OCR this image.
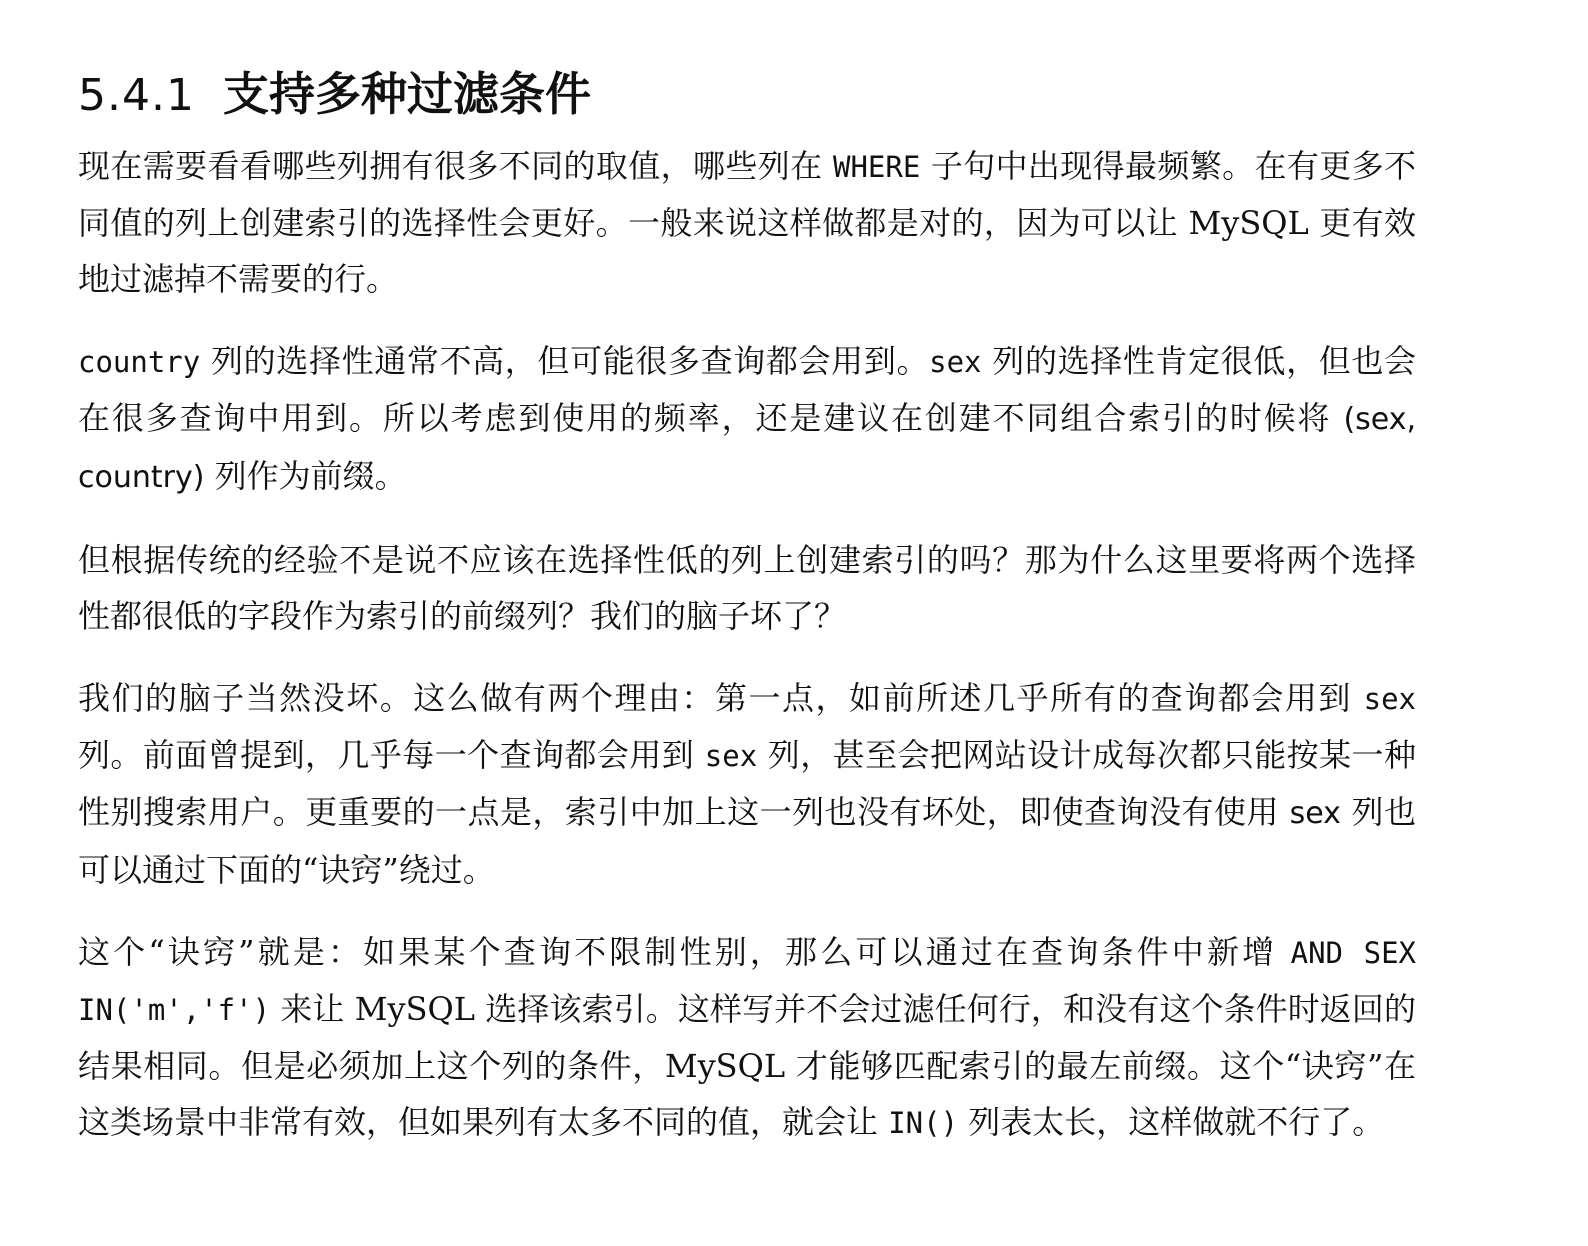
5.4.1 支持多种过滤条件

现在需要看看哪些列拥有很多不同的取值，哪些列在 WHERE 子句中出现得最频繁。在有更多不同值的列上创建索引的选择性会更好。一般来说这样做都是对的，因为可以让 MySQL 更有效地过滤掉不需要的行。

country 列的选择性通常不高，但可能很多查询都会用到。sex 列的选择性肯定很低，但也会在很多查询中用到。所以考虑到使用的频率，还是建议在创建不同组合索引的时候将 (sex, country) 列作为前缀。

但根据传统的经验不是说不应该在选择性低的列上创建索引的吗？那为什么这里要将两个选择性都很低的字段作为索引的前缀列？我们的脑子坏了？

我们的脑子当然没坏。这么做有两个理由：第一点，如前所述几乎所有的查询都会用到 sex 列。前面曾提到，几乎每一个查询都会用到 sex 列，甚至会把网站设计成每次都只能按某一种性别搜索用户。更重要的一点是，索引中加上这一列也没有坏处，即使查询没有使用 sex 列也可以通过下面的“诀窍”绕过。

这个“诀窍”就是：如果某个查询不限制性别，那么可以通过在查询条件中新增 AND SEX IN('m','f') 来让 MySQL 选择该索引。这样写并不会过滤任何行，和没有这个条件时返回的结果相同。但是必须加上这个列的条件，MySQL 才能够匹配索引的最左前缀。这个“诀窍”在这类场景中非常有效，但如果列有太多不同的值，就会让 IN() 列表太长，这样做就不行了。
